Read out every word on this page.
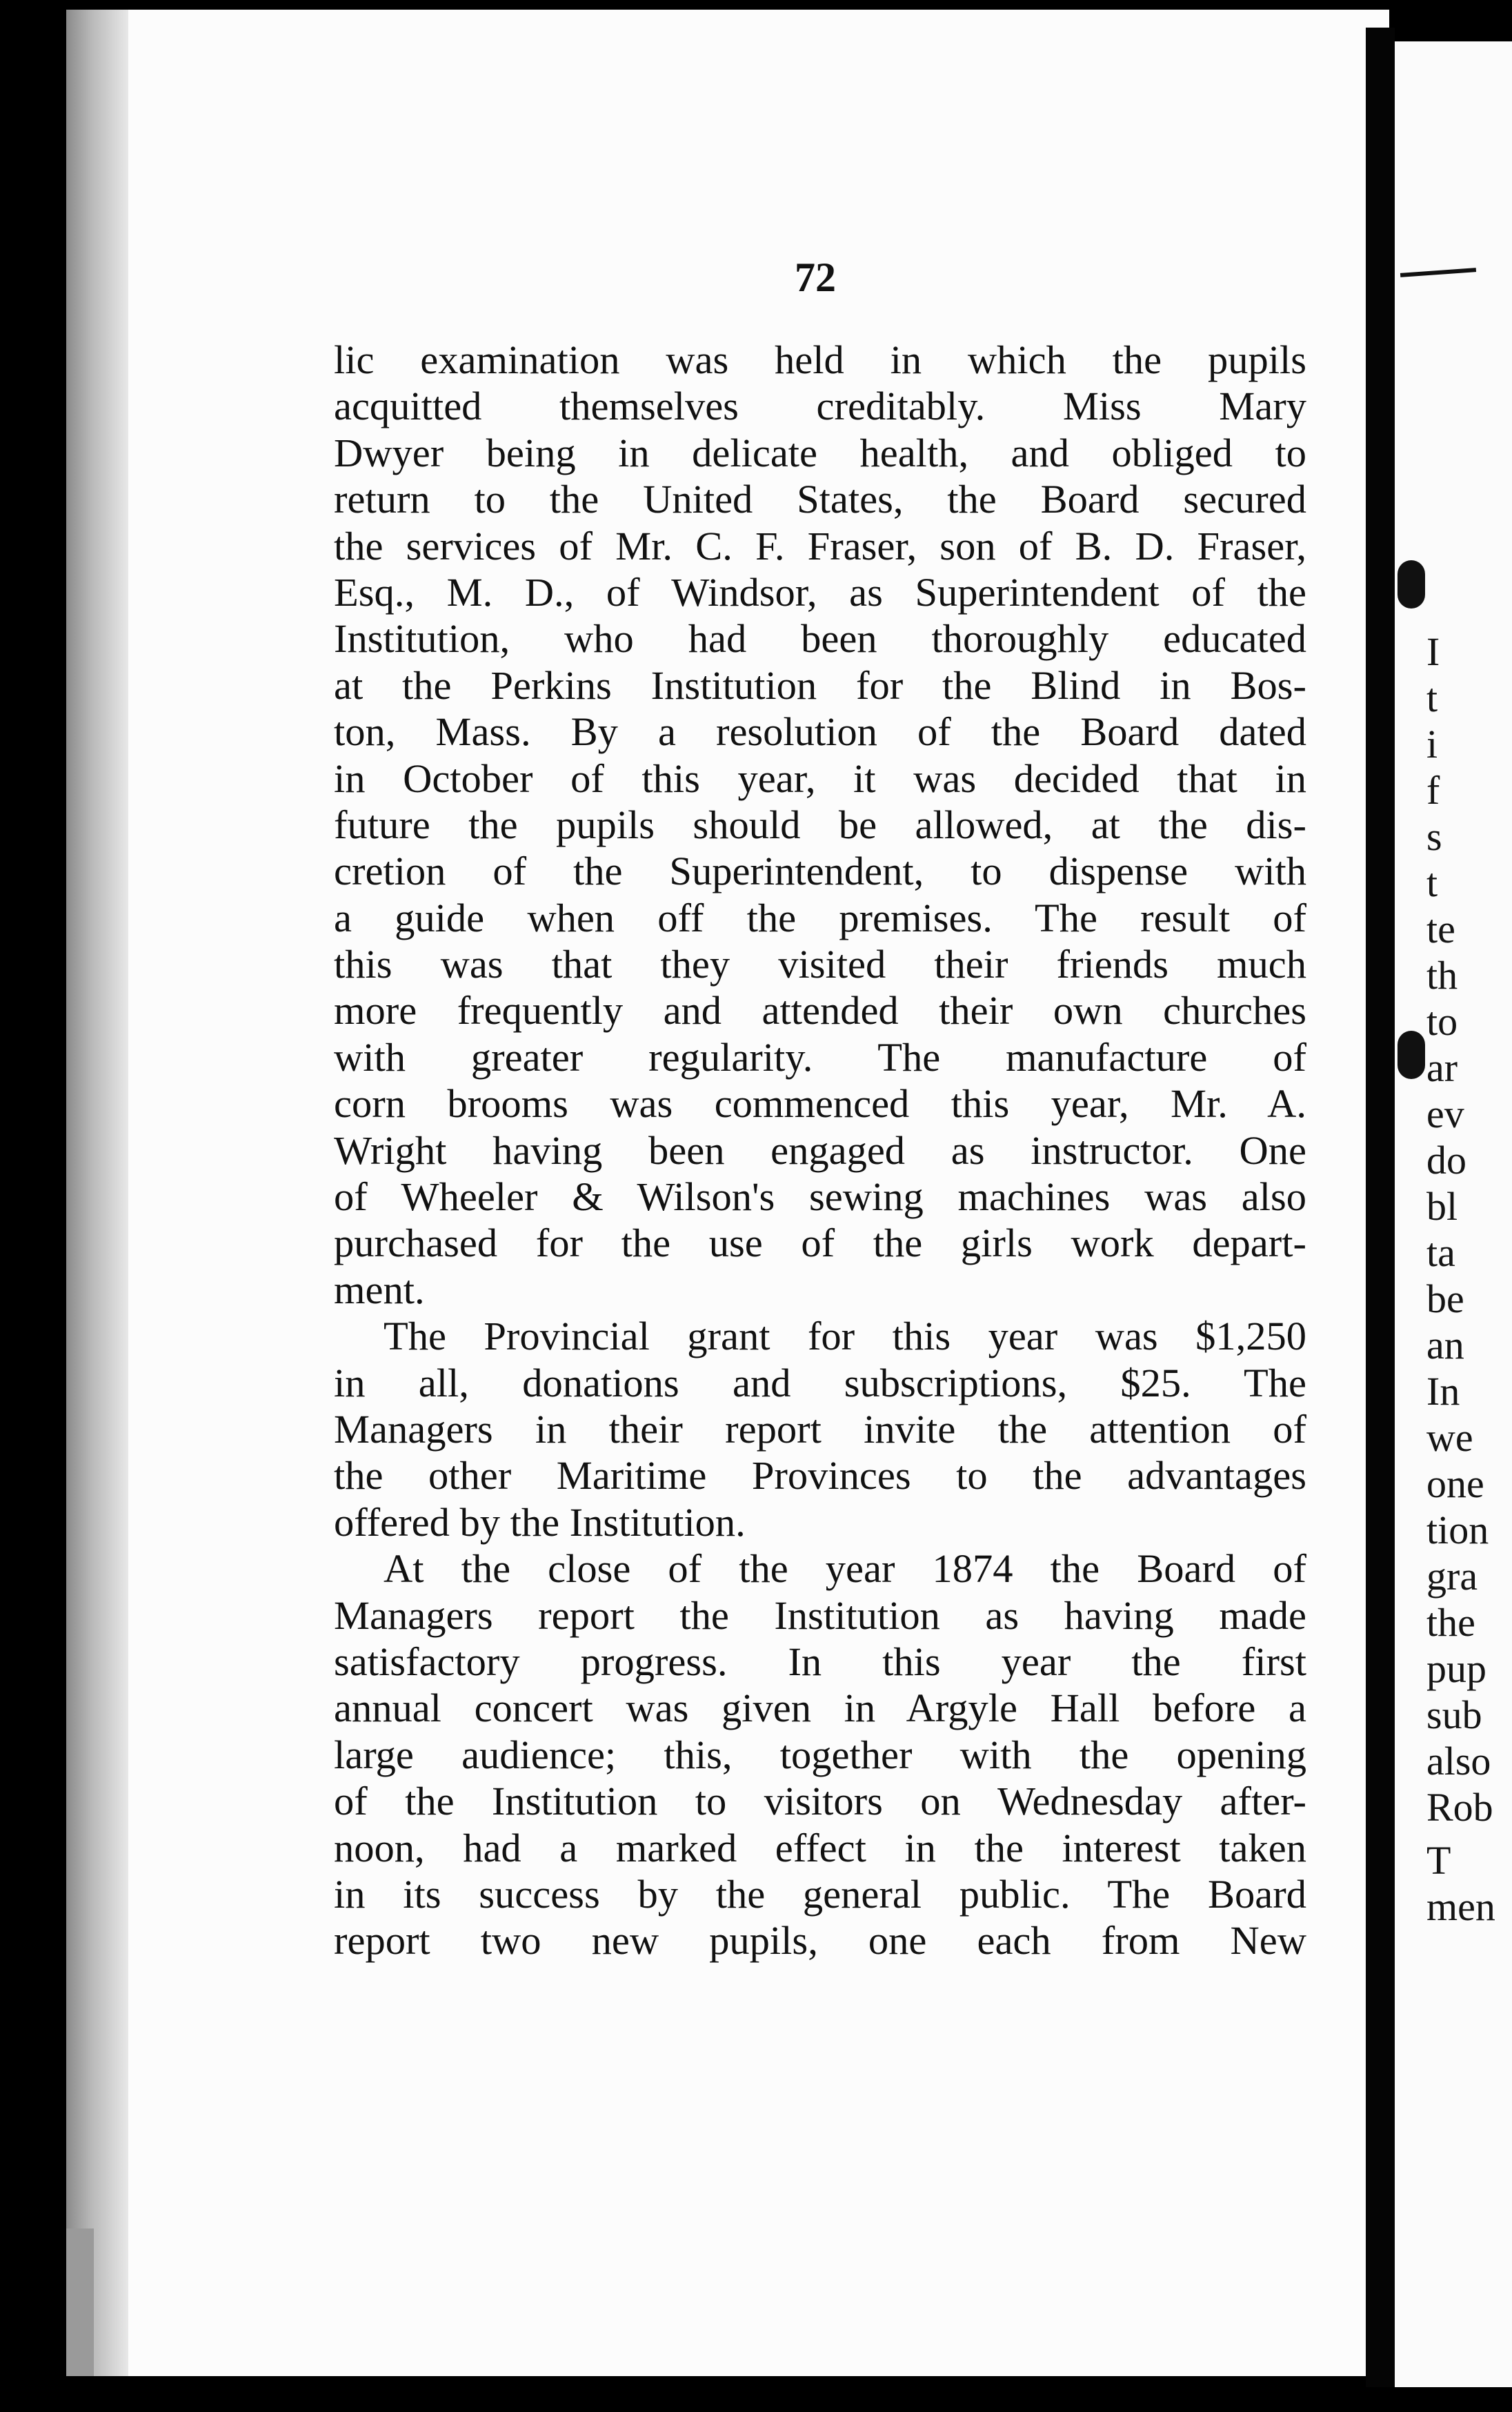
72
lic examination was held in which the pupils
acquitted themselves creditably. Miss Mary
Dwyer being in delicate health, and obliged to
return to the United States, the Board secured
the services of Mr. C. F. Fraser, son of B. D. Fraser,
Esq., M. D., of Windsor, as Superintendent of the
Institution, who had been thoroughly educated
at the Perkins Institution for the Blind in Bos-
ton, Mass. By a resolution of the Board dated
in October of this year, it was decided that in
future the pupils should be allowed, at the dis-
cretion of the Superintendent, to dispense with
a guide when off the premises. The result of
this was that they visited their friends much
more frequently and attended their own churches
with greater regularity. The manufacture of
corn brooms was commenced this year, Mr. A.
Wright having been engaged as instructor. One
of Wheeler & Wilson's sewing machines was also
purchased for the use of the girls work depart-
ment.
The Provincial grant for this year was $1,250
in all, donations and subscriptions, $25. The
Managers in their report invite the attention of
the other Maritime Provinces to the advantages
offered by the Institution.
At the close of the year 1874 the Board of
Managers report the Institution as having made
satisfactory progress. In this year the first
annual concert was given in Argyle Hall before a
large audience; this, together with the opening
of the Institution to visitors on Wednesday after-
noon, had a marked effect in the interest taken
in its success by the general public. The Board
report two new pupils, one each from New
I
t
i
f
s
t
te
th
to
ar
ev
do
bl
ta
be
an
In
we
one
tion
gra
the
pup
sub
also
Rob
T
men
